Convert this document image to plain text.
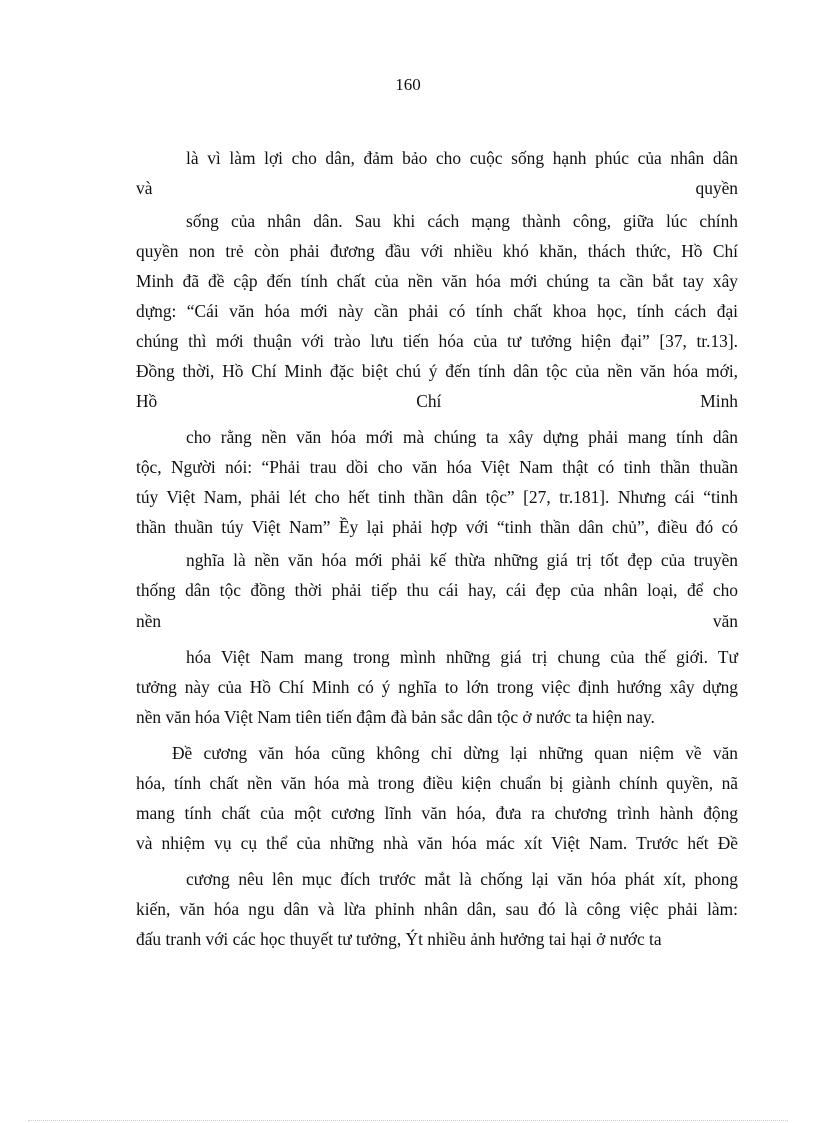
160
là vì làm lợi cho dân, đảm bảo cho cuộc sống hạnh phúc của nhân dân
và quyền
sống của nhân dân. Sau khi cách mạng thành công, giữa lúc chính
quyền non trẻ còn phải đương đầu với nhiều khó khăn, thách thức, Hồ Chí
Minh đã đề cập đến tính chất của nền văn hóa mới chúng ta cần bắt tay xây
dựng: “Cái văn hóa mới này cần phải có tính chất khoa học, tính cách đại
chúng thì mới thuận với trào lưu tiến hóa của tư tưởng hiện đại” [37, tr.13].
Đồng thời, Hồ Chí Minh đặc biệt chú ý đến tính dân tộc của nền văn hóa mới,
Hồ Chí Minh
cho rằng nền văn hóa mới mà chúng ta xây dựng phải mang tính dân
tộc, Người nói: “Phải trau dồi cho văn hóa Việt Nam thật có tinh thần thuần
túy Việt Nam, phải lét cho hết tinh thần dân tộc” [27, tr.181]. Nhưng cái “tinh
thần thuần túy Việt Nam” Ềy lại phải hợp với “tinh thần dân chủ”, điều đó có
nghĩa là nền văn hóa mới phải kế thừa những giá trị tốt đẹp của truyền
thống dân tộc đồng thời phải tiếp thu cái hay, cái đẹp của nhân loại, để cho
nền văn
hóa Việt Nam mang trong mình những giá trị chung của thế giới. Tư
tưởng này của Hồ Chí Minh có ý nghĩa to lớn trong việc định hướng xây dựng
nền văn hóa Việt Nam tiên tiến đậm đà bản sắc dân tộc ở nước ta hiện nay.
Đề cương văn hóa cũng không chỉ dừng lại những quan niệm về văn
hóa, tính chất nền văn hóa mà trong điều kiện chuẩn bị giành chính quyền, nã
mang tính chất của một cương lĩnh văn hóa, đưa ra chương trình hành động
và nhiệm vụ cụ thể của những nhà văn hóa mác xít Việt Nam. Trước hết Đề
cương nêu lên mục đích trước mắt là chống lại văn hóa phát xít, phong
kiến, văn hóa ngu dân và lừa phỉnh nhân dân, sau đó là công việc phải làm:
đấu tranh với các học thuyết tư tưởng, Ýt nhiều ảnh hưởng tai hại ở nước ta
